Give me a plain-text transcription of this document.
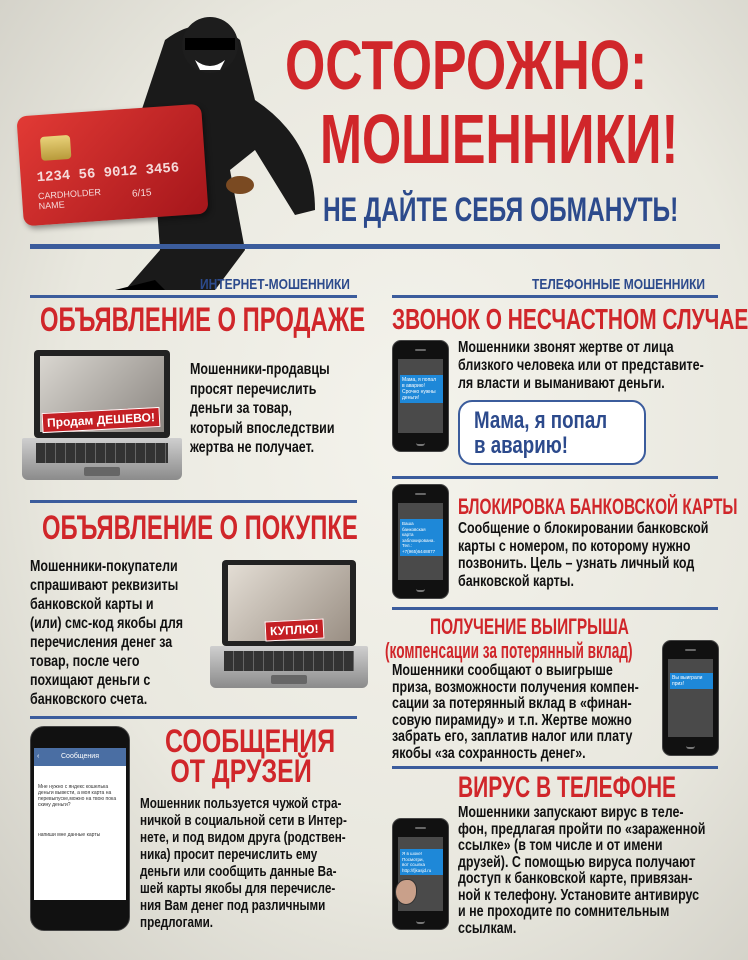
1234 56 9012 3456
CARDHOLDER
NAME
6/15
ОСТОРОЖНО:
МОШЕННИКИ!
НЕ ДАЙТЕ СЕБЯ ОБМАНУТЬ!
ИНТЕРНЕТ-МОШЕННИКИ
ОБЪЯВЛЕНИЕ О ПРОДАЖЕ
Продам ДЕШЕВО!
Мошенники-продавцы
просят перечислить
деньги за товар,
который впоследствии
жертва не получает.
ОБЪЯВЛЕНИЕ О ПОКУПКЕ
Мошенники-покупатели
спрашивают реквизиты
банковской карты и
(или) смс-код якобы для
перечисления денег за
товар, после чего
похищают деньги с
банковского счета.
КУПЛЮ!
‹	Сообщения
Мне нужно с яндекс кошелька деньги вывести, а моя карта на перевыпуске,можно на твою пока скину деньги?
напиши мне данные карты
СООБЩЕНИЯ
ОТ ДРУЗЕЙ
Мошенник пользуется чужой стра-
ничкой в социальной сети в Интер-
нете, и под видом друга (родствен-
ника) просит перечислить ему
деньги или сообщить данные Ва-
шей карты якобы для перечисле-
ния Вам денег под различными
предлогами.
ТЕЛЕФОННЫЕ МОШЕННИКИ
ЗВОНОК О НЕСЧАСТНОМ СЛУЧАЕ
Мама, я попал
в аварию!
Срочно нужны
деньги!
Мошенники звонят жертве от лица
близкого человека или от представите-
ля власти и выманивают деньги.
Мама, я попал
в аварию!
Ваша
банковская
карта
заблокирована.
Тел.:
+7(965)6448877
БЛОКИРОВКА БАНКОВСКОЙ КАРТЫ
Сообщение о блокировании банковской
карты с номером, по которому нужно
позвонить. Цель – узнать личный код
банковской карты.
ПОЛУЧЕНИЕ ВЫИГРЫША
(компенсации за потерянный вклад)
Мошенники сообщают о выигрыше
приза, возможности получения компен-
сации за потерянный вклад в «финан-
совую пирамиду» и т.п. Жертве можно
забрать его, заплатив налог или плату
якобы «за сохранность денег».
Вы выиграли
приз!
ВИРУС В ТЕЛЕФОНЕ
Я в шоке!
Посмотри,
вот ссылка
http://fjkasjd.ru
Мошенники запускают вирус в теле-
фон, предлагая пройти по «зараженной
ссылке» (в том числе и от имени
друзей). С помощью вируса получают
доступ к банковской карте, привязан-
ной к телефону. Установите антивирус
и не проходите по сомнительным
ссылкам.
